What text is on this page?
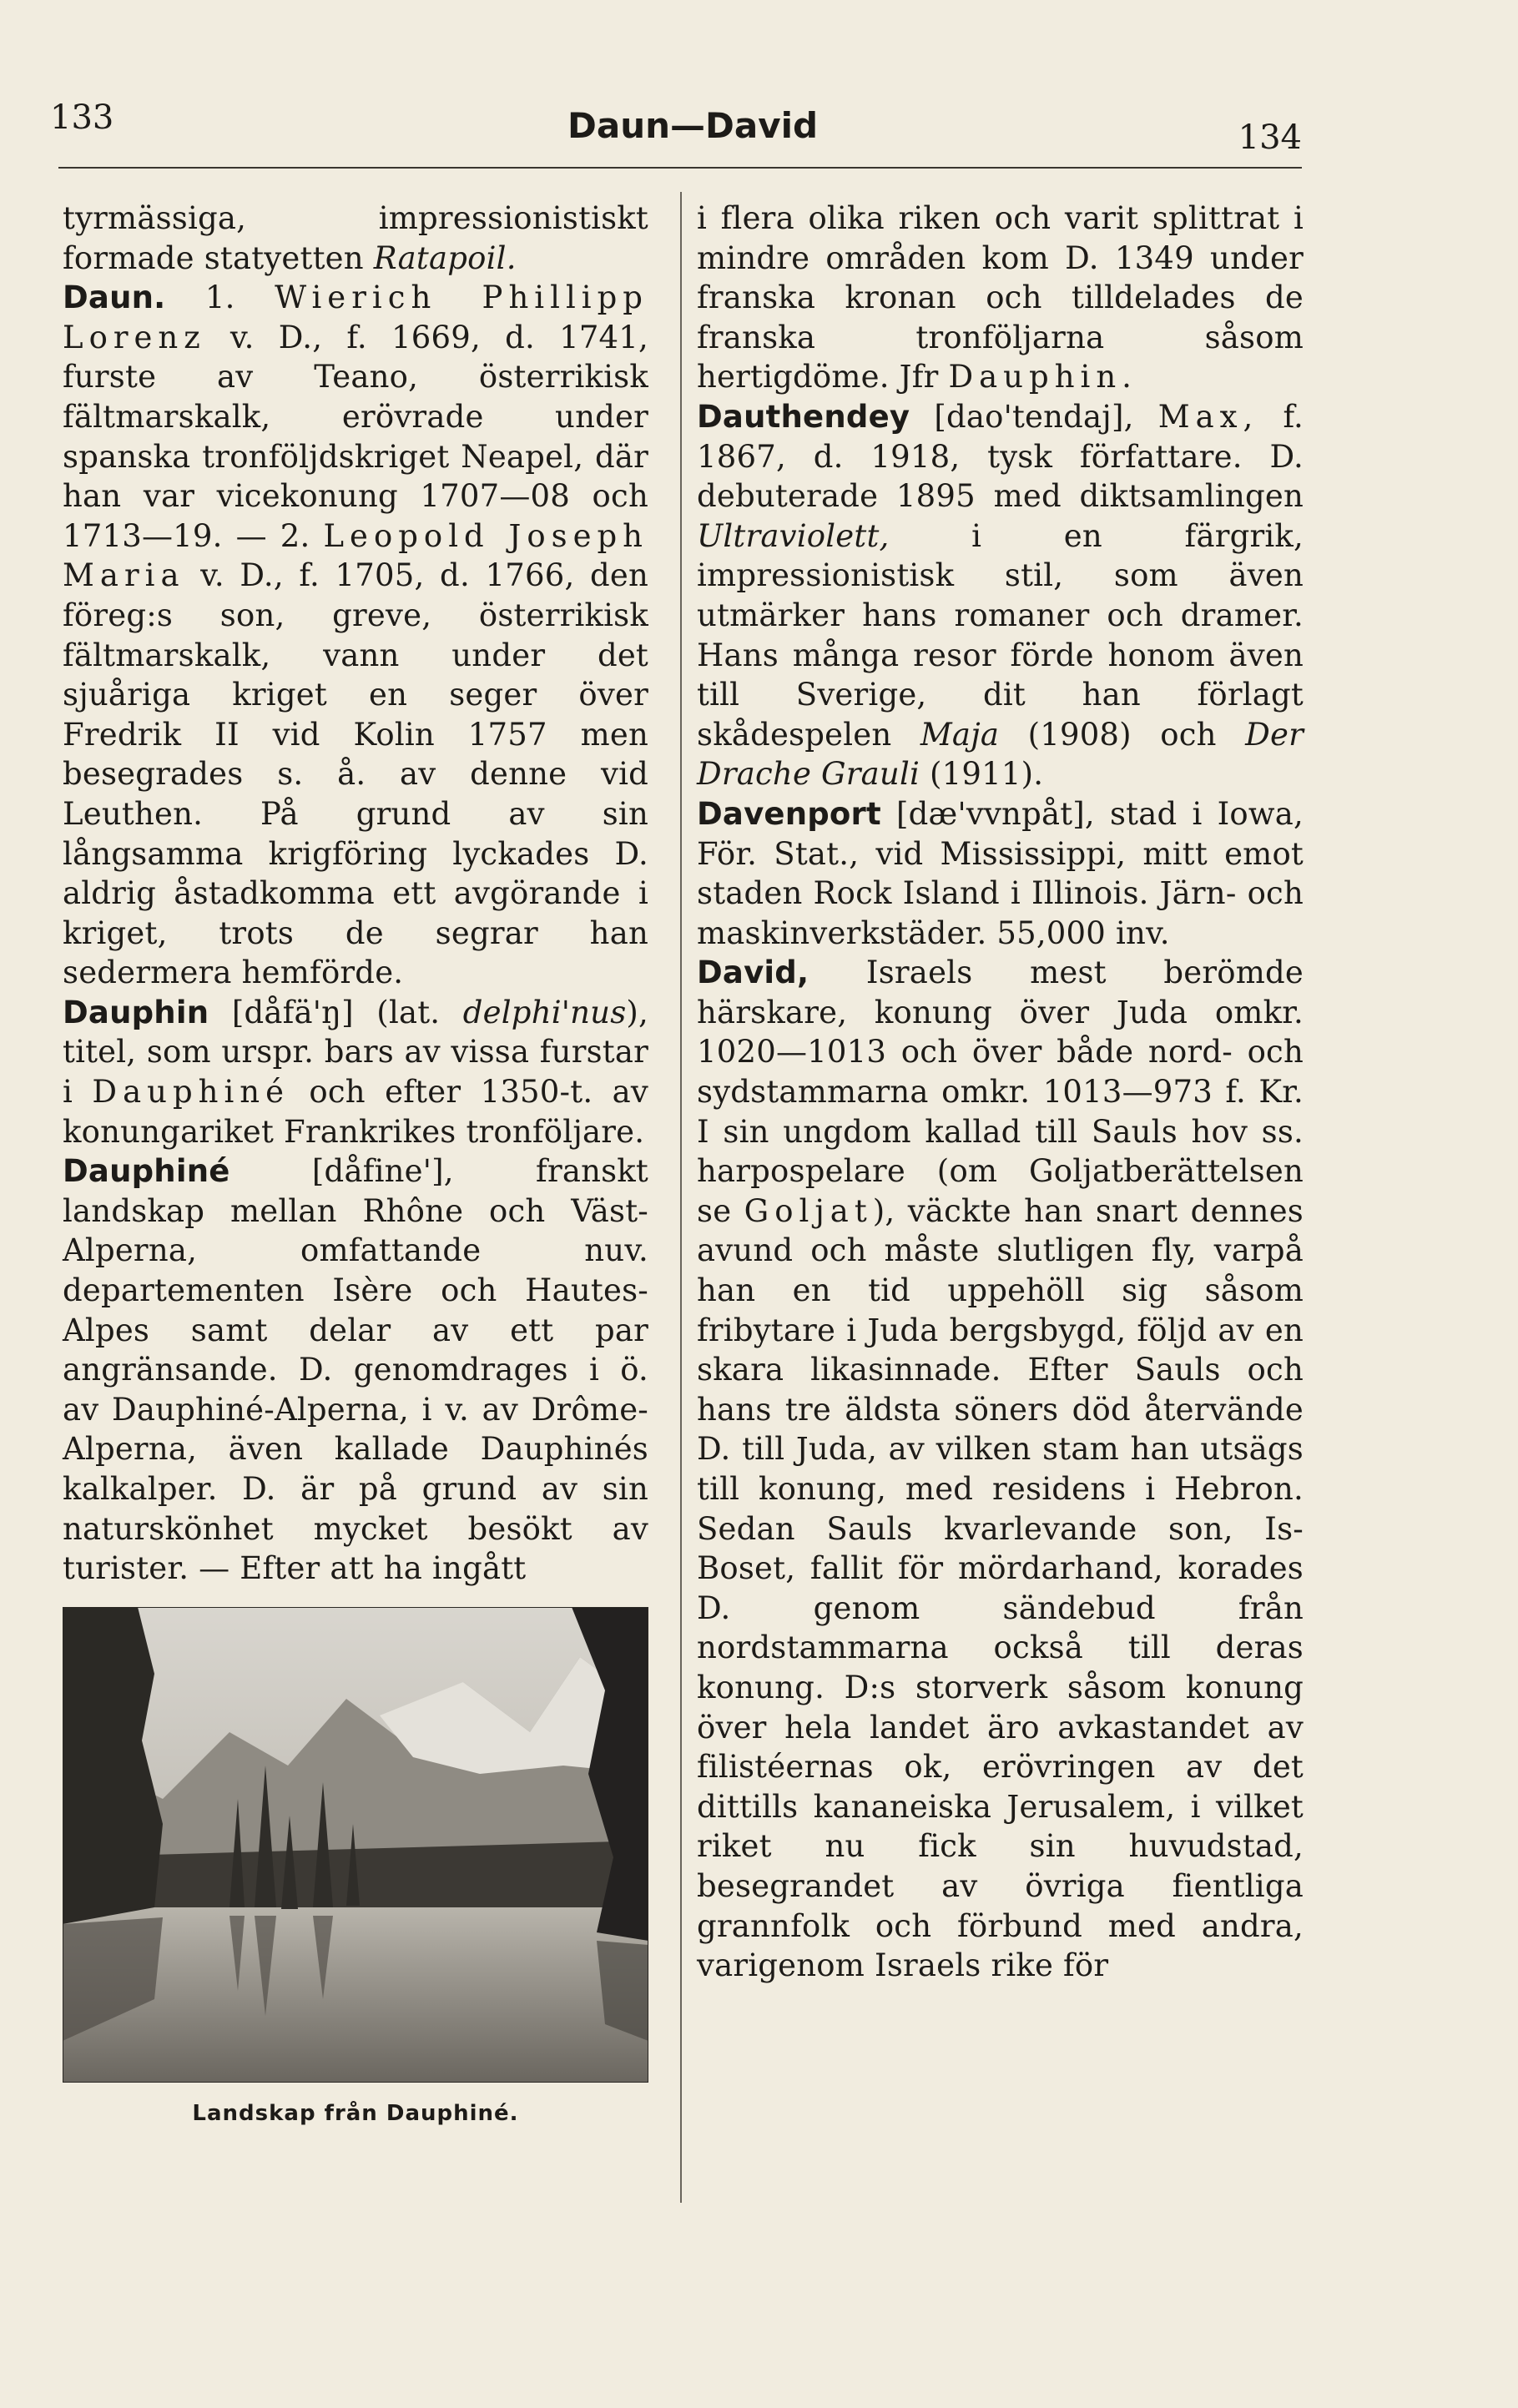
133	Daun—David	134

tyrmässiga, impressionistiskt formade statyetten Ratapoil.

Daun. 1. Wierich Phillipp Lorenz v. D., f. 1669, d. 1741, furste av Teano, österrikisk fältmarskalk, erövrade under spanska tronföljdskriget Neapel, där han var vicekonung 1707—08 och 1713—19. — 2. Leopold Joseph Maria v. D., f. 1705, d. 1766, den föreg:s son, greve, österrikisk fältmarskalk, vann under det sjuåriga kriget en seger över Fredrik II vid Kolin 1757 men besegrades s. å. av denne vid Leuthen. På grund av sin långsamma krigföring lyckades D. aldrig åstadkomma ett avgörande i kriget, trots de segrar han sedermera hemförde.

Dauphin [dåfä'ŋ] (lat. delphi'nus), titel, som urspr. bars av vissa furstar i Dauphiné och efter 1350-t. av konungariket Frankrikes tronföljare.

Dauphiné	[dåfine'], franskt landskap mellan Rhône och Väst-Alperna, omfattande nuv. departementen Isère och Hautes-Alpes samt delar av ett par angränsande. D. genomdrages i ö. av Dauphiné-Alperna, i v. av Drôme-Alperna, även kallade Dauphinés kalkalper. D. är på grund av sin naturskönhet mycket besökt av turister. — Efter att ha ingått

Landskap från Dauphiné.

i flera olika riken och varit splittrat i mindre områden kom D. 1349 under franska kronan och tilldelades de franska tronföljarna såsom hertigdöme. Jfr Dauphin.

Dauthendey [dao'tendaj], Max, f. 1867, d. 1918, tysk författare. D. debuterade 1895 med diktsamlingen Ultraviolett,	i en färgrik, impressionistisk stil, som även utmärker hans romaner och dramer. Hans många resor förde honom även till Sverige, dit han förlagt skådespelen Maja (1908) och Der Drache Grauli (1911).

Davenport [dæ'vvnpåt], stad i Iowa, För. Stat., vid Mississippi, mitt emot staden Rock Island i Illinois. Järn- och maskinverkstäder. 55,000 inv.

David, Israels mest berömde härskare, konung över Juda omkr. 1020—1013 och över både nord- och sydstammarna omkr. 1013—973 f. Kr. I sin ungdom kallad till Sauls hov ss. harpospelare (om Goljatberättelsen se Goljat), väckte han snart dennes avund och måste slutligen fly, varpå han en tid uppehöll sig såsom fribytare i Juda bergsbygd, följd av en skara likasinnade. Efter Sauls och hans tre äldsta söners död återvände D. till Juda, av vilken stam han utsägs till konung, med residens i Hebron. Sedan Sauls kvarlevande son, Is-Boset, fallit för mördarhand, korades D. genom sändebud från nordstammarna också till deras konung. D:s storverk såsom konung över hela landet äro avkastandet av filistéernas ok, erövringen av det dittills kananeiska Jerusalem, i vilket riket nu fick sin huvudstad, besegrandet av övriga fientliga grannfolk och förbund med andra, varigenom Israels rike för
